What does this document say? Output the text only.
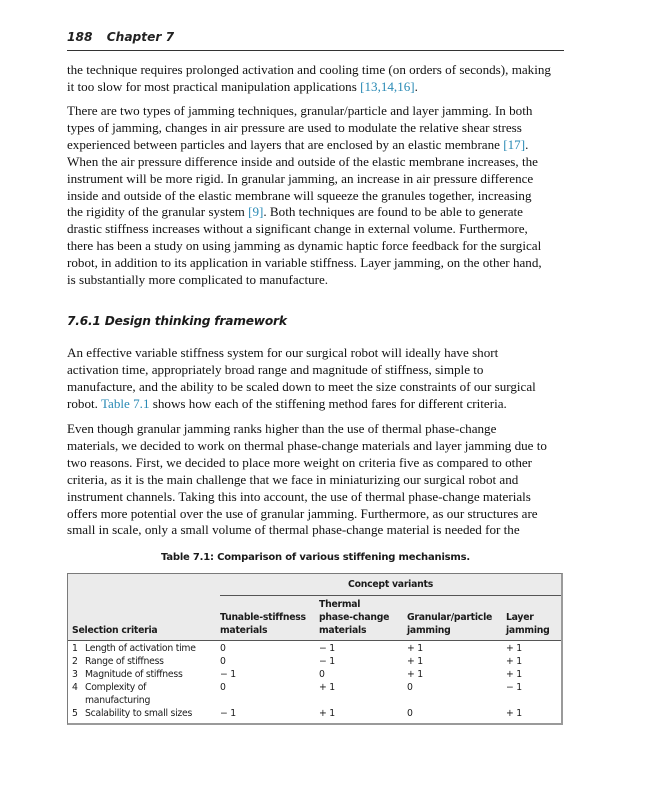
188 Chapter 7
the technique requires prolonged activation and cooling time (on orders of seconds), making
it too slow for most practical manipulation applications [13,14,16].
There are two types of jamming techniques, granular/particle and layer jamming. In both
types of jamming, changes in air pressure are used to modulate the relative shear stress
experienced between particles and layers that are enclosed by an elastic membrane [17].
When the air pressure difference inside and outside of the elastic membrane increases, the
instrument will be more rigid. In granular jamming, an increase in air pressure difference
inside and outside of the elastic membrane will squeeze the granules together, increasing
the rigidity of the granular system [9]. Both techniques are found to be able to generate
drastic stiffness increases without a significant change in external volume. Furthermore,
there has been a study on using jamming as dynamic haptic force feedback for the surgical
robot, in addition to its application in variable stiffness. Layer jamming, on the other hand,
is substantially more complicated to manufacture.
7.6.1 Design thinking framework
An effective variable stiffness system for our surgical robot will ideally have short
activation time, appropriately broad range and magnitude of stiffness, simple to
manufacture, and the ability to be scaled down to meet the size constraints of our surgical
robot. Table 7.1 shows how each of the stiffening method fares for different criteria.
Even though granular jamming ranks higher than the use of thermal phase-change
materials, we decided to work on thermal phase-change materials and layer jamming due to
two reasons. First, we decided to place more weight on criteria five as compared to other
criteria, as it is the main challenge that we face in miniaturizing our surgical robot and
instrument channels. Taking this into account, the use of thermal phase-change materials
offers more potential over the use of granular jamming. Furthermore, as our structures are
small in scale, only a small volume of thermal phase-change material is needed for the
Table 7.1: Comparison of various stiffening mechanisms.
Concept variants
Selection criteria
Tunable-stiffness
materials
Thermal
phase-change
materials
Granular/particle
jamming
Layer
jamming
1 Length of activation time	0	− 1	+ 1	+ 1
2 Range of stiffness	0	− 1	+ 1	+ 1
3 Magnitude of stiffness	− 1	0	+ 1	+ 1
4 Complexity of
manufacturing
0	+ 1	0	− 1
5 Scalability to small sizes	− 1	+ 1	0	+ 1
